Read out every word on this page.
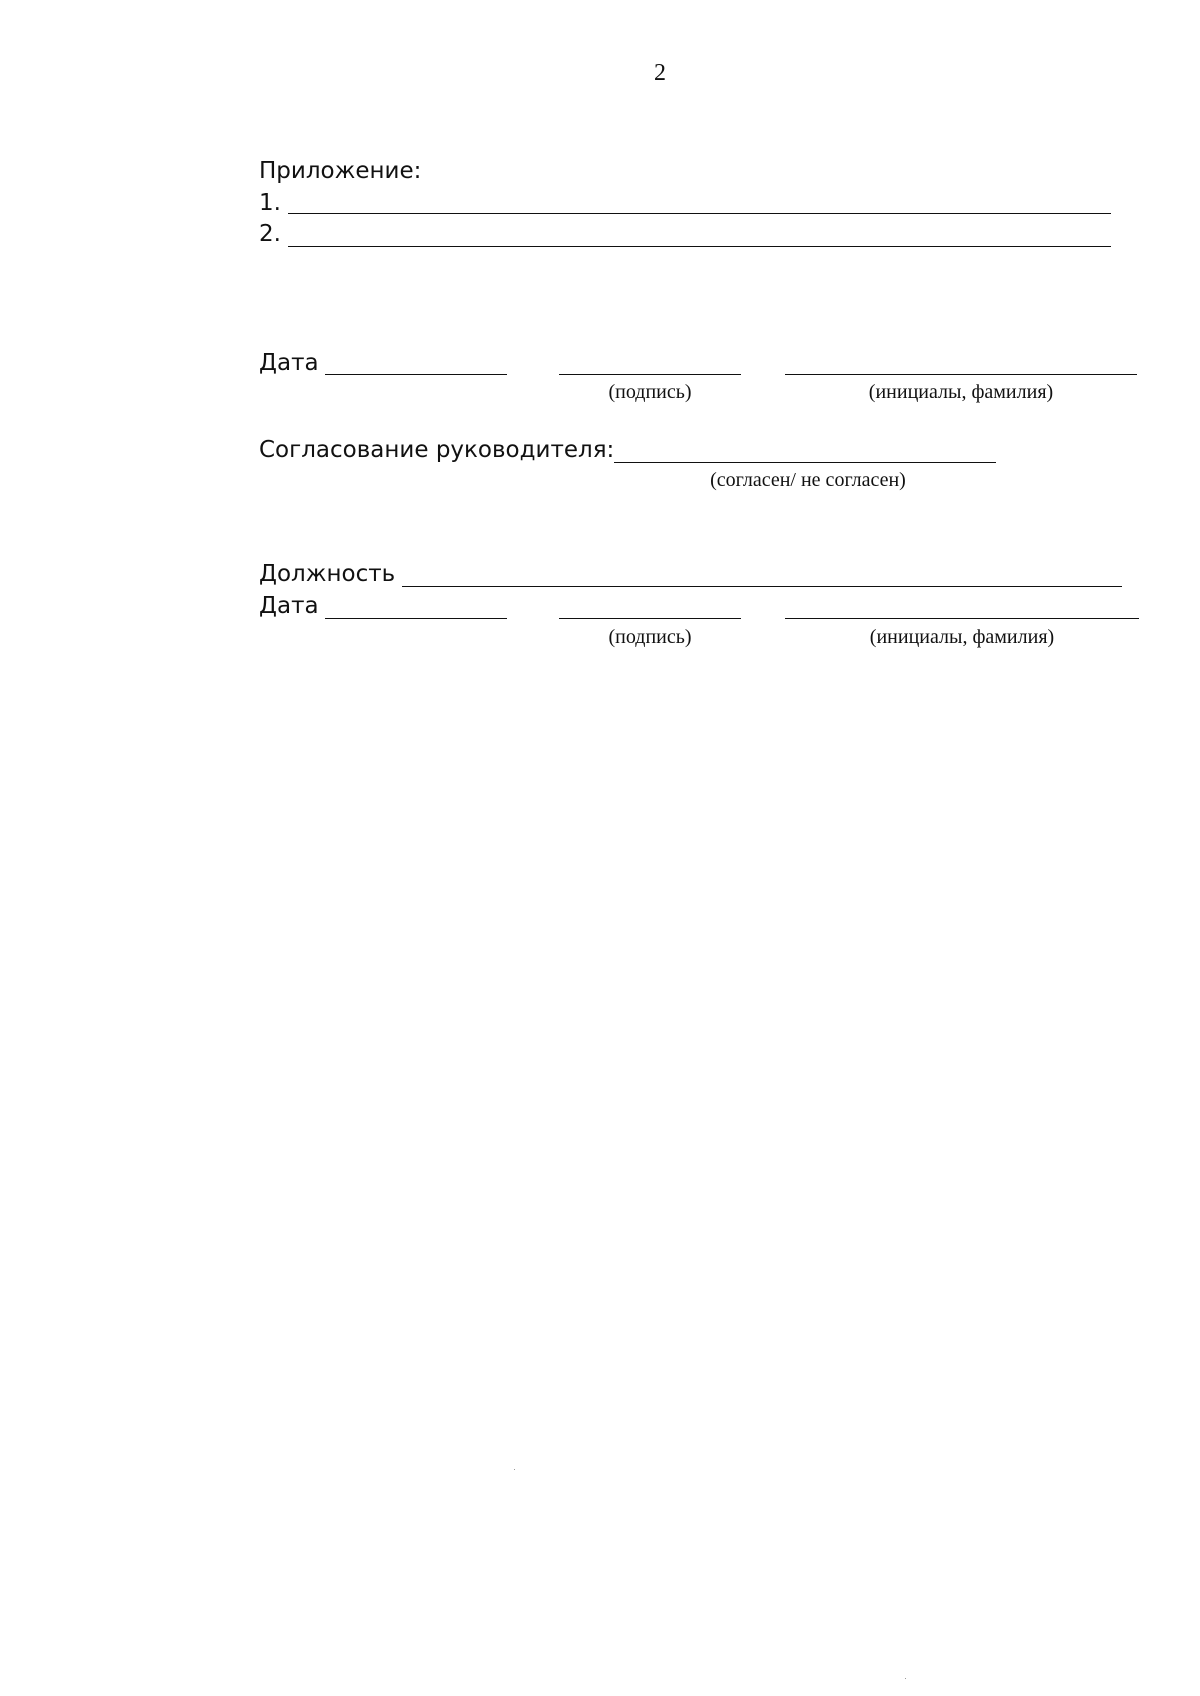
2
Приложение:
1.
2.
Дата
(подпись)	(инициалы, фамилия)
Согласование руководителя:
(согласен/ не согласен)
Должность
Дата
(подпись)	(инициалы, фамилия)
